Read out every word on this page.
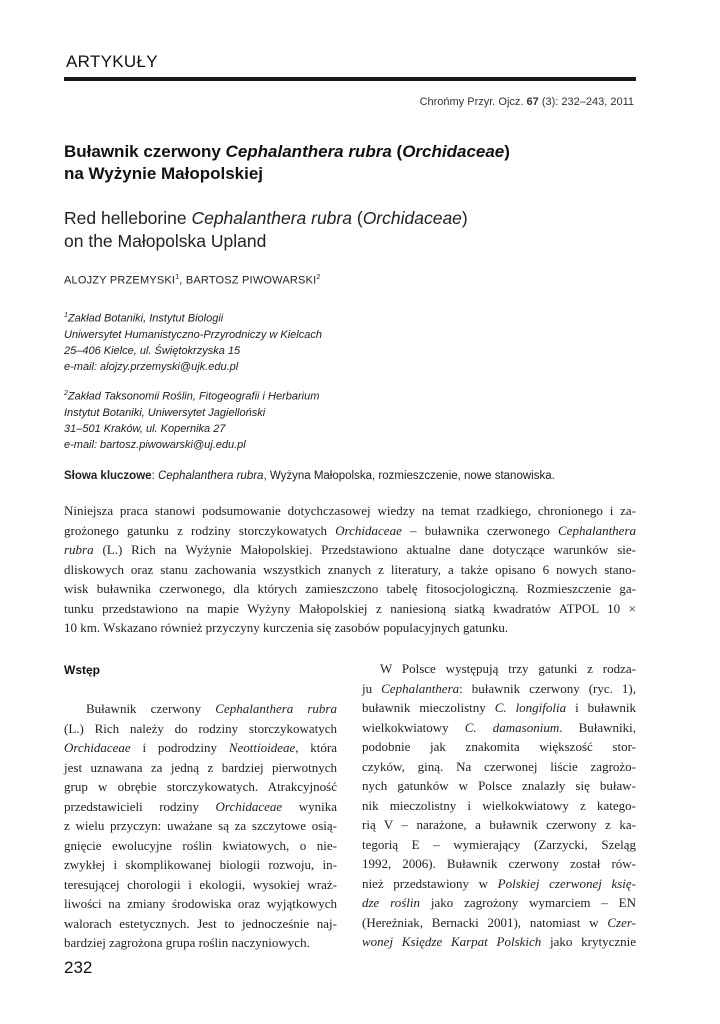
ARTYKUŁY
Chrońmy Przyr. Ojcz. 67 (3): 232–243, 2011
Buławnik czerwony Cephalanthera rubra (Orchidaceae)
na Wyżynie Małopolskiej
Red helleborine Cephalanthera rubra (Orchidaceae)
on the Małopolska Upland
ALOJZY PRZEMYSKI$^1$, BARTOSZ PIWOWARSKI$^2$
$^1$Zakład Botaniki, Instytut Biologii
Uniwersytet Humanistyczno-Przyrodniczy w Kielcach
25–406 Kielce, ul. Świętokrzyska 15
e-mail: alojzy.przemyski@ujk.edu.pl
$^2$Zakład Taksonomii Roślin, Fitogeografii i Herbarium
Instytut Botaniki, Uniwersytet Jagielloński
31–501 Kraków, ul. Kopernika 27
e-mail: bartosz.piwowarski@uj.edu.pl
Słowa kluczowe: Cephalanthera rubra, Wyżyna Małopolska, rozmieszczenie, nowe stanowiska.
Niniejsza praca stanowi podsumowanie dotychczasowej wiedzy na temat rzadkiego, chronionego i za-
grożonego gatunku z rodziny storczykowatych Orchidaceae – buławnika czerwonego Cephalanthera
rubra (L.) Rich na Wyżynie Małopolskiej. Przedstawiono aktualne dane dotyczące warunków sie-
dliskowych oraz stanu zachowania wszystkich znanych z literatury, a także opisano 6 nowych stano-
wisk buławnika czerwonego, dla których zamieszczono tabelę fitosocjologiczną. Rozmieszczenie ga-
tunku przedstawiono na mapie Wyżyny Małopolskiej z naniesioną siatką kwadratów ATPOL 10 ×
10 km. Wskazano również przyczyny kurczenia się zasobów populacyjnych gatunku.
Wstęp
Buławnik czerwony Cephalanthera rubra
(L.) Rich należy do rodziny storczykowatych
Orchidaceae i podrodziny Neottioideae, która
jest uznawana za jedną z bardziej pierwotnych
grup w obrębie storczykowatych. Atrakcyjność
przedstawicieli rodziny Orchidaceae wynika
z wielu przyczyn: uważane są za szczytowe osią-
gnięcie ewolucyjne roślin kwiatowych, o nie-
zwykłej i skomplikowanej biologii rozwoju, in-
teresującej chorologii i ekologii, wysokiej wraż-
liwości na zmiany środowiska oraz wyjątkowych
walorach estetycznych. Jest to jednocześnie naj-
bardziej zagrożona grupa roślin naczyniowych.
W Polsce występują trzy gatunki z rodza-
ju Cephalanthera: buławnik czerwony (ryc. 1),
buławnik mieczolistny C. longifolia i buławnik
wielkokwiatowy C. damasonium. Buławniki,
podobnie jak znakomita większość stor-
czyków, giną. Na czerwonej liście zagrożo-
nych gatunków w Polsce znalazły się buław-
nik mieczolistny i wielkokwiatowy z katego-
rią V – narażone, a buławnik czerwony z ka-
tegorią E – wymierający (Zarzycki, Szeląg
1992, 2006). Buławnik czerwony został rów-
nież przedstawiony w Polskiej czerwonej księ-
dze roślin jako zagrożony wymarciem – EN
(Hereźniak, Bernacki 2001), natomiast w Czer-
wonej Księdze Karpat Polskich jako krytycznie
232
